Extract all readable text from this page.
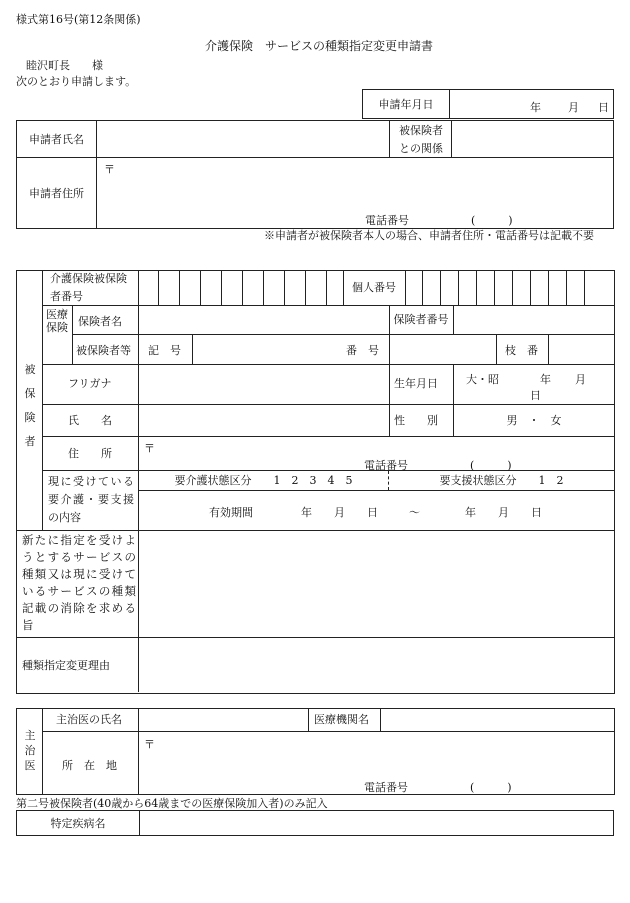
様式第16号(第12条関係)
介護保険　サービスの種類指定変更申請書
睦沢町長　　様
次のとおり申請します。
申請年月日	年 月 日
申請者氏名		被保険者との関係	

申請者住所	〒
電話番号 (　　　)		
※申請者が被保険者本人の場合、申請者住所・電話番号は記載不要
被保険者
介護保険被保険者番号
個人番号
医療保険 保険者名	保険者番号
被保険者等 記　号	番　号	枝　番
フリガナ	生年月日	大・昭	年 月
日
氏　　名	性　　別	男　・　女
住　　所	〒
電話番号	(　　　)
現に受けている要介護・要支援の内容
要介護状態区分　　1　2　3　4　5	要支援状態区分　　1　2
有効期間	年　　月　　日	〜	年　　月　　日
新たに指定を受けようとするサービスの種類又は現に受けているサービスの種類記載の消除を求める旨
種類指定変更理由
主治医
主治医の氏名	医療機関名
所　在　地
〒
電話番号	(　　　)
第二号被保険者(40歳から64歳までの医療保険加入者)のみ記入
特定疾病名	
